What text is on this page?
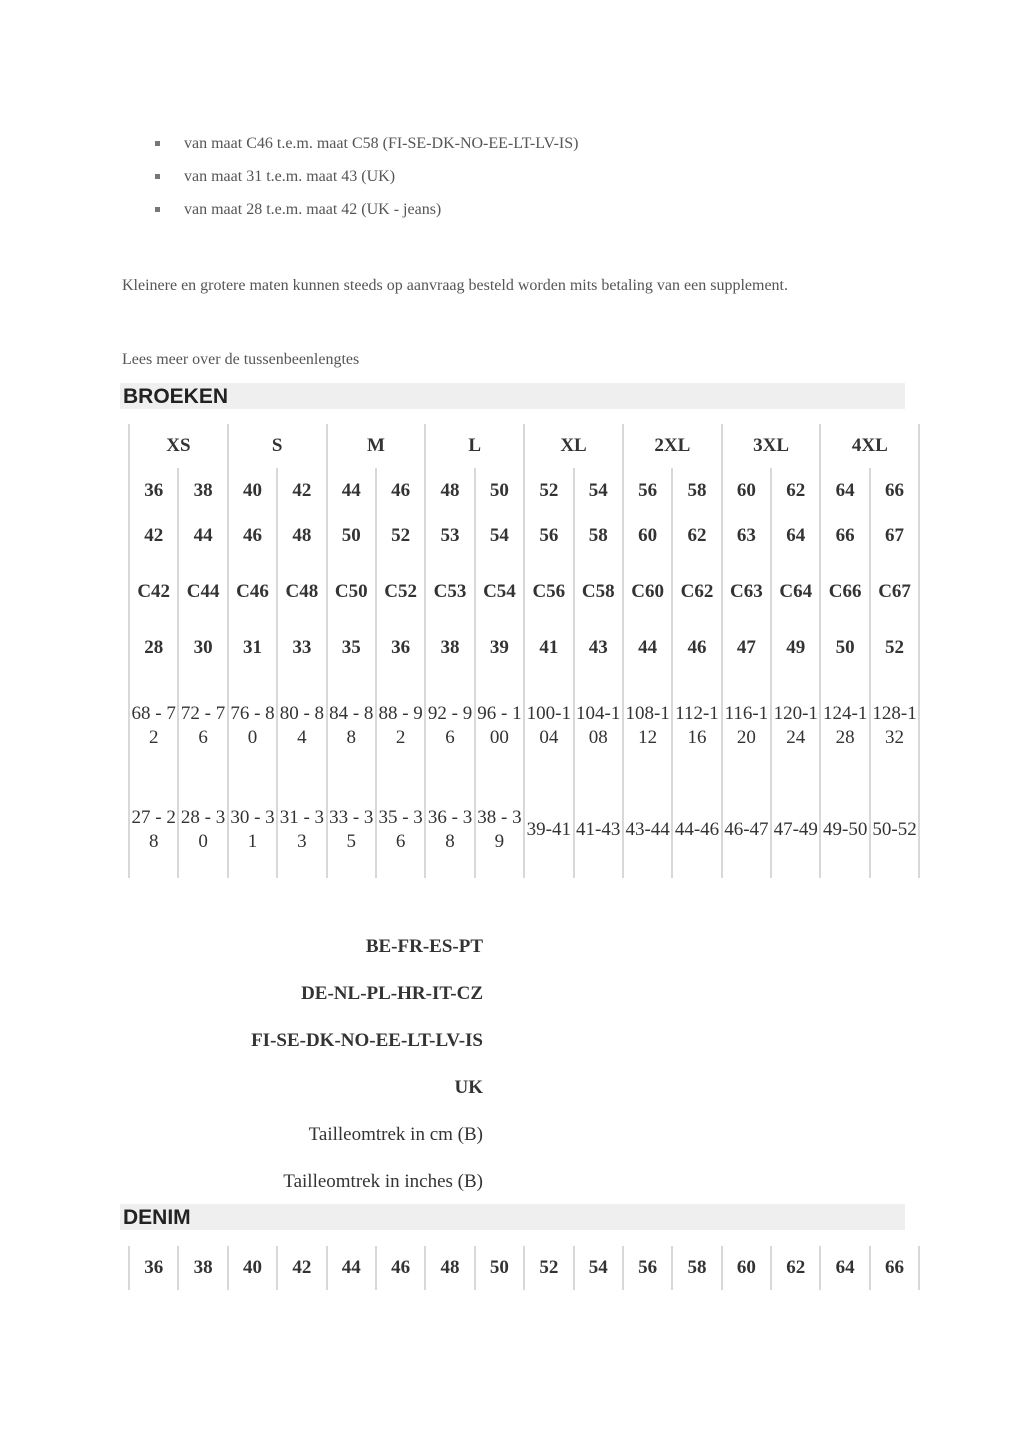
van maat C46 t.e.m. maat C58 (FI-SE-DK-NO-EE-LT-LV-IS)
van maat 31 t.e.m. maat 43 (UK)
van maat 28 t.e.m. maat 42 (UK - jeans)

Kleinere en grotere maten kunnen steeds op aanvraag besteld worden mits betaling van een supplement.

Lees meer over de tussenbeenlengtes

BROEKEN
XS		S		M		L		XL		2XL		3XL		4XL	
36	38	40	42	44	46	48	50	52	54	56	58	60	62	64	66
42	44	46	48	50	52	53	54	56	58	60	62	63	64	66	67
C42	C44	C46	C48	C50	C52	C53	C54	C56	C58	C60	C62	C63	C64	C66	C67
28	30	31	33	35	36	38	39	41	43	44	46	47	49	50	52
68 - 72	72 - 76	76 - 80	80 - 84	84 - 88	88 - 92	92 - 96	96 - 100	100-104	104-108	108-112	112-116	116-120	120-124	124-128	128-132
27 - 28	28 - 30	30 - 31	31 - 33	33 - 35	35 - 36	36 - 38	38 - 39	39-41	41-43	43-44	44-46	46-47	47-49	49-50	50-52
BE-FR-ES-PT
DE-NL-PL-HR-IT-CZ
FI-SE-DK-NO-EE-LT-LV-IS
UK
Tailleomtrek in cm (B)
Tailleomtrek in inches (B)
DENIM
36	38	40	42	44	46	48	50	52	54	56	58	60	62	64	66
